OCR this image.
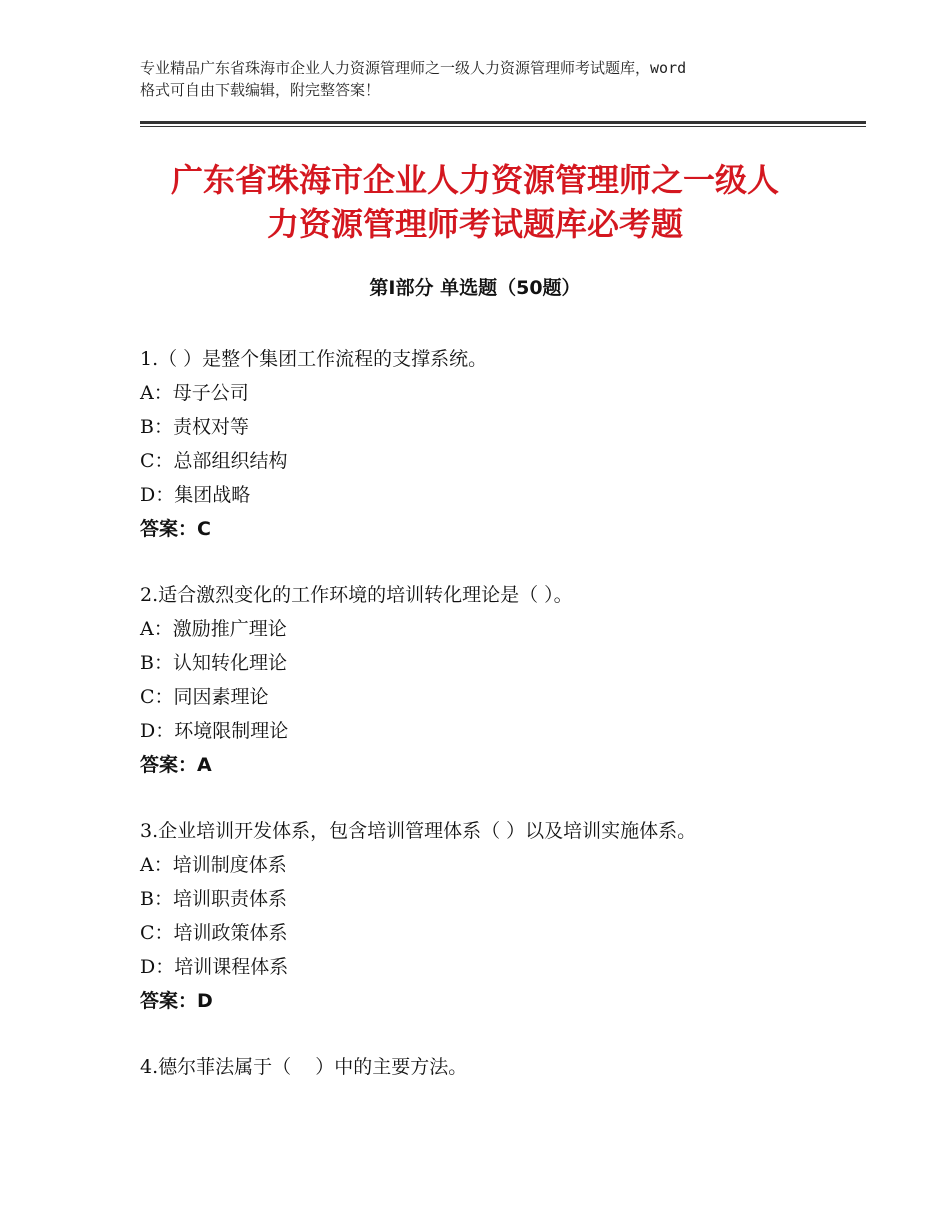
专业精品广东省珠海市企业人力资源管理师之一级人力资源管理师考试题库，word
格式可自由下载编辑，附完整答案！
广东省珠海市企业人力资源管理师之一级人
力资源管理师考试题库必考题
第Ⅰ部分 单选题（50题）

1.（ ）是整个集团工作流程的支撑系统。

A：母子公司

B：责权对等

C：总部组织结构

D：集团战略

答案：C

2.适合激烈变化的工作环境的培训转化理论是（ ）。

A：激励推广理论

B：认知转化理论

C：同因素理论

D：环境限制理论

答案：A

3.企业培训开发体系，包含培训管理体系（ ）以及培训实施体系。

A：培训制度体系

B：培训职责体系

C：培训政策体系

D：培训课程体系

答案：D

4.德尔菲法属于（    ）中的主要方法。
